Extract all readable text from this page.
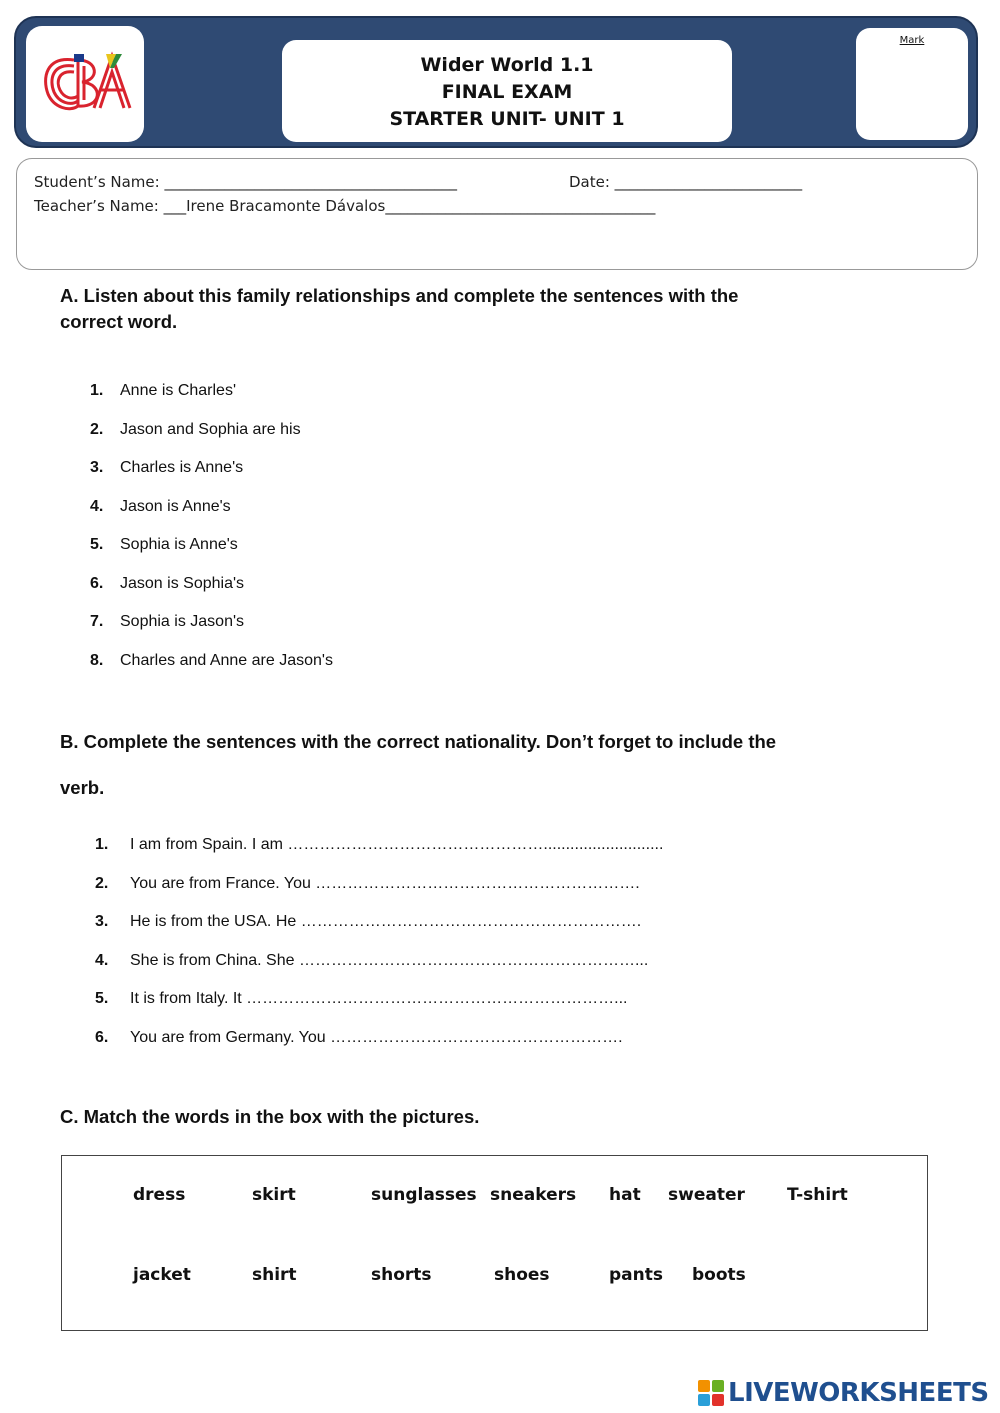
Wider World 1.1
FINAL EXAM
STARTER UNIT- UNIT 1
Mark
Student’s Name: _______________________________________	Date: _________________________
Teacher’s Name: ___Irene Bracamonte Dávalos____________________________________
A. Listen about this family relationships and complete the sentences with the
correct word.
1. Anne is Charles'
2. Jason and Sophia are his
3. Charles is Anne's
4. Jason is Anne's
5. Sophia is Anne's
6. Jason is Sophia's
7. Sophia is Jason's
8. Charles and Anne are Jason's
B. Complete the sentences with the correct nationality. Don’t forget to include the
verb.
1. I am from Spain. I am …………………………………………...........................
2. You are from France. You …………………………………………………….
3. He is from the USA. He ……………………………………………………….
4. She is from China. She ………………………………………………………...
5. It is from Italy. It ……………………………………………………………...
6. You are from Germany. You ……………………………………………….
C. Match the words in the box with the pictures.
dress	skirt	sunglasses sneakers hat sweater T-shirt
jacket	shirt	shorts	shoes	pants boots
LIVEWORKSHEETS
